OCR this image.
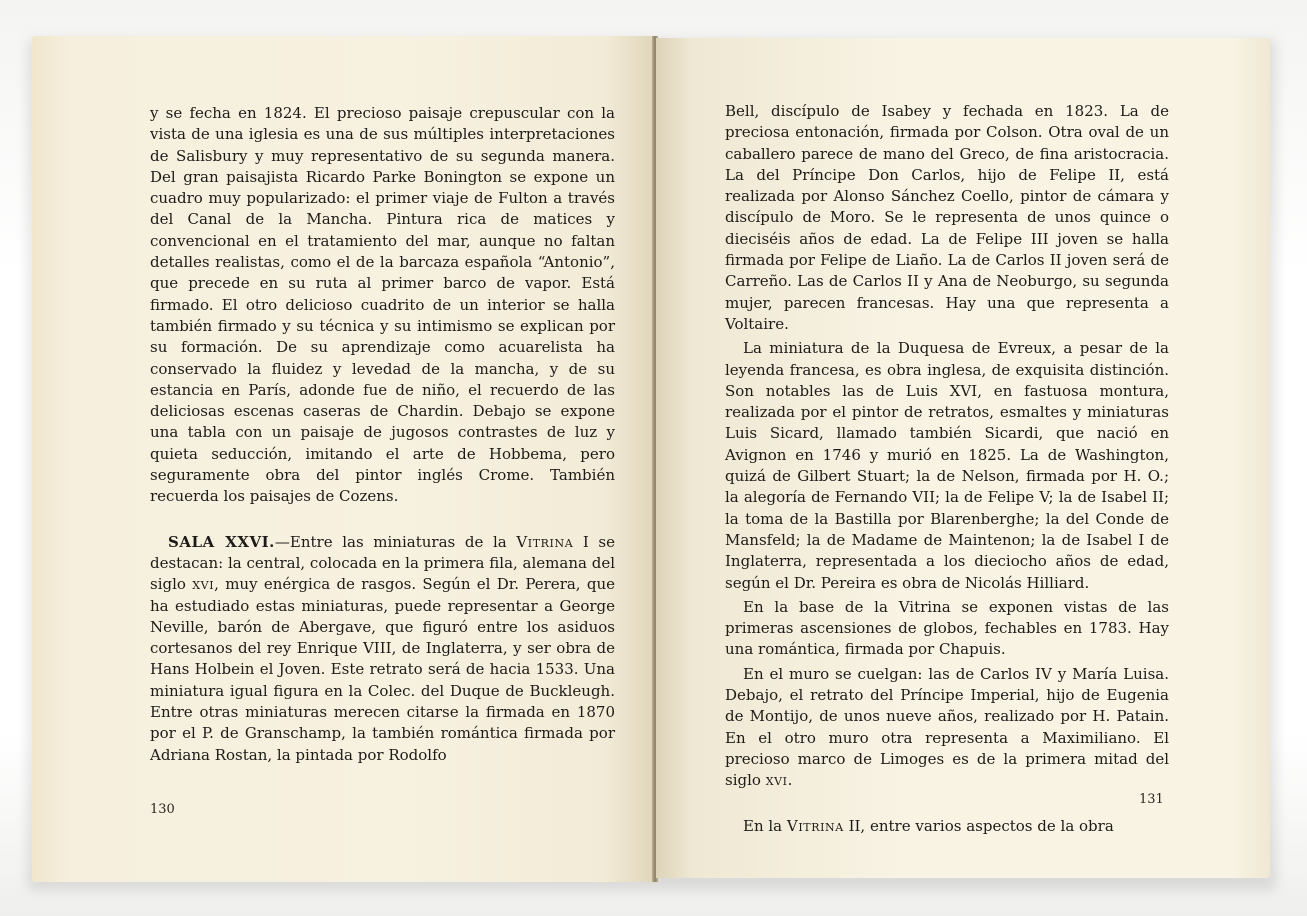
y se fecha en 1824. El precioso paisaje crepuscular con la vista de una iglesia es una de sus múltiples interpretaciones de Salisbury y muy representativo de su segunda manera. Del gran paisajista Ricardo Parke Bonington se expone un cuadro muy popularizado: el primer viaje de Fulton a través del Canal de la Mancha. Pintura rica de matices y convencional en el tratamiento del mar, aunque no faltan detalles realistas, como el de la barcaza española “Antonio”, que precede en su ruta al primer barco de vapor. Está firmado. El otro delicioso cuadrito de un interior se halla también firmado y su técnica y su intimismo se explican por su formación. De su aprendizaje como acuarelista ha conservado la fluidez y levedad de la mancha, y de su estancia en París, adonde fue de niño, el recuerdo de las deliciosas escenas caseras de Chardin. Debajo se expone una tabla con un paisaje de jugosos contrastes de luz y quieta seducción, imitando el arte de Hobbema, pero seguramente obra del pintor inglés Crome. También recuerda los paisajes de Cozens.

SALA XXVI.—Entre las miniaturas de la Vitrina I se destacan: la central, colocada en la primera fila, alemana del siglo xvi, muy enérgica de rasgos. Según el Dr. Perera, que ha estudiado estas miniaturas, puede representar a George Neville, barón de Abergave, que figuró entre los asiduos cortesanos del rey Enrique VIII, de Inglaterra, y ser obra de Hans Holbein el Joven. Este retrato será de hacia 1533. Una miniatura igual figura en la Colec. del Duque de Buckleugh. Entre otras miniaturas merecen citarse la firmada en 1870 por el P. de Granschamp, la también romántica firmada por Adriana Rostan, la pintada por Rodolfo

130

Bell, discípulo de Isabey y fechada en 1823. La de preciosa entonación, firmada por Colson. Otra oval de un caballero parece de mano del Greco, de fina aristocracia. La del Príncipe Don Carlos, hijo de Felipe II, está realizada por Alonso Sánchez Coello, pintor de cámara y discípulo de Moro. Se le representa de unos quince o dieciséis años de edad. La de Felipe III joven se halla firmada por Felipe de Liaño. La de Carlos II joven será de Carreño. Las de Carlos II y Ana de Neoburgo, su segunda mujer, parecen francesas. Hay una que representa a Voltaire.

La miniatura de la Duquesa de Evreux, a pesar de la leyenda francesa, es obra inglesa, de exquisita distinción. Son notables las de Luis XVI, en fastuosa montura, realizada por el pintor de retratos, esmaltes y miniaturas Luis Sicard, llamado también Sicardi, que nació en Avignon en 1746 y murió en 1825. La de Washington, quizá de Gilbert Stuart; la de Nelson, firmada por H. O.; la alegoría de Fernando VII; la de Felipe V; la de Isabel II; la toma de la Bastilla por Blarenberghe; la del Conde de Mansfeld; la de Madame de Maintenon; la de Isabel I de Inglaterra, representada a los dieciocho años de edad, según el Dr. Pereira es obra de Nicolás Hilliard.

En la base de la Vitrina se exponen vistas de las primeras ascensiones de globos, fechables en 1783. Hay una romántica, firmada por Chapuis.

En el muro se cuelgan: las de Carlos IV y María Luisa. Debajo, el retrato del Príncipe Imperial, hijo de Eugenia de Montijo, de unos nueve años, realizado por H. Patain. En el otro muro otra representa a Maximiliano. El precioso marco de Limoges es de la primera mitad del siglo xvi.

En la Vitrina II, entre varios aspectos de la obra

131
